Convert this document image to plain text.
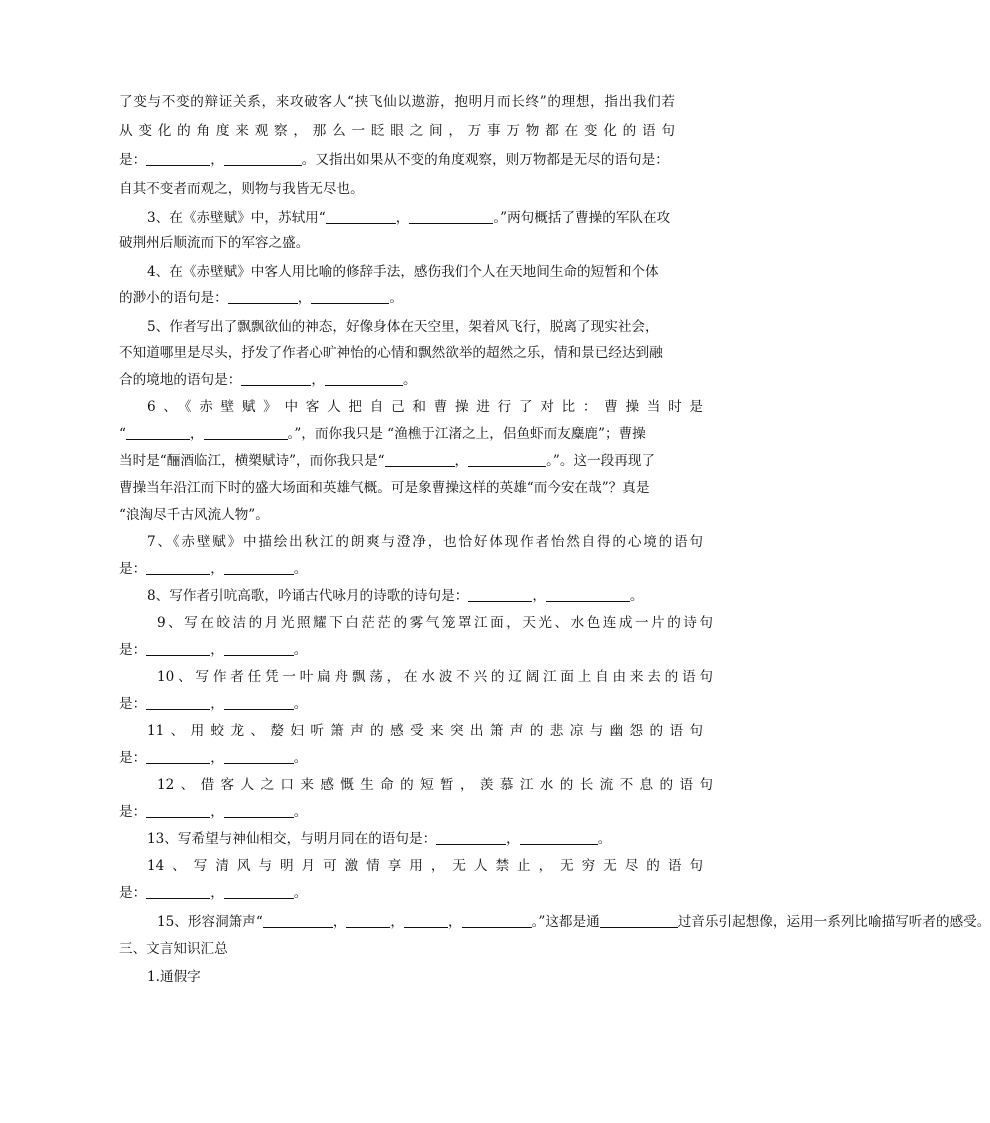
了变与不变的辩证关系，来攻破客人“挟飞仙以遨游，抱明月而长终”的理想，指出我们若
从变化的角度来观察，那么一眨眼之间，万事万物都在变化的语句
是：	，	。又指出如果从不变的角度观察，则万物都是无尽的语句是：
自其不变者而观之，则物与我皆无尽也。
3、在《赤壁赋》中，苏轼用“	，	。”两句概括了曹操的军队在攻
破荆州后顺流而下的军容之盛。
4、在《赤壁赋》中客人用比喻的修辞手法，感伤我们个人在天地间生命的短暂和个体
的渺小的语句是：	，	。
5、作者写出了飘飘欲仙的神态，好像身体在天空里，架着风飞行，脱离了现实社会，
不知道哪里是尽头，抒发了作者心旷神怡的心情和飘然欲举的超然之乐，情和景已经达到融
合的境地的语句是：	，	。
6、《赤壁赋》中客人把自己和曹操进行了对比：曹操当时是
“	，	。”，而你我只是 “渔樵于江渚之上，侣鱼虾而友麋鹿”；曹操
当时是“酾酒临江，横槊赋诗”，而你我只是“	，	。”。这一段再现了
曹操当年沿江而下时的盛大场面和英雄气概。可是象曹操这样的英雄“而今安在哉”？真是
“浪淘尽千古风流人物”。
7、《赤壁赋》中描绘出秋江的朗爽与澄净，也恰好体现作者怡然自得的心境的语句
是：	，	。
8、写作者引吭高歌，吟诵古代咏月的诗歌的诗句是：	，	。
9、写在皎洁的月光照耀下白茫茫的雾气笼罩江面，天光、水色连成一片的诗句
是：	，	。
10、写作者任凭一叶扁舟飘荡，在水波不兴的辽阔江面上自由来去的语句
是：	，	。
11、用蛟龙、嫠妇听箫声的感受来突出箫声的悲凉与幽怨的语句
是：	，	。
12、借客人之口来感慨生命的短暂，羡慕江水的长流不息的语句
是：	，	。
13、写希望与神仙相交，与明月同在的语句是：	，	。
14、写清风与明月可激情享用，无人禁止，无穷无尽的语句
是：	，	。
15、形容洞箫声“	，	，	，	。”这都是通	过音乐引起想像，运用一系列比喻描写听者的感受。
三、文言知识汇总
1.通假字
